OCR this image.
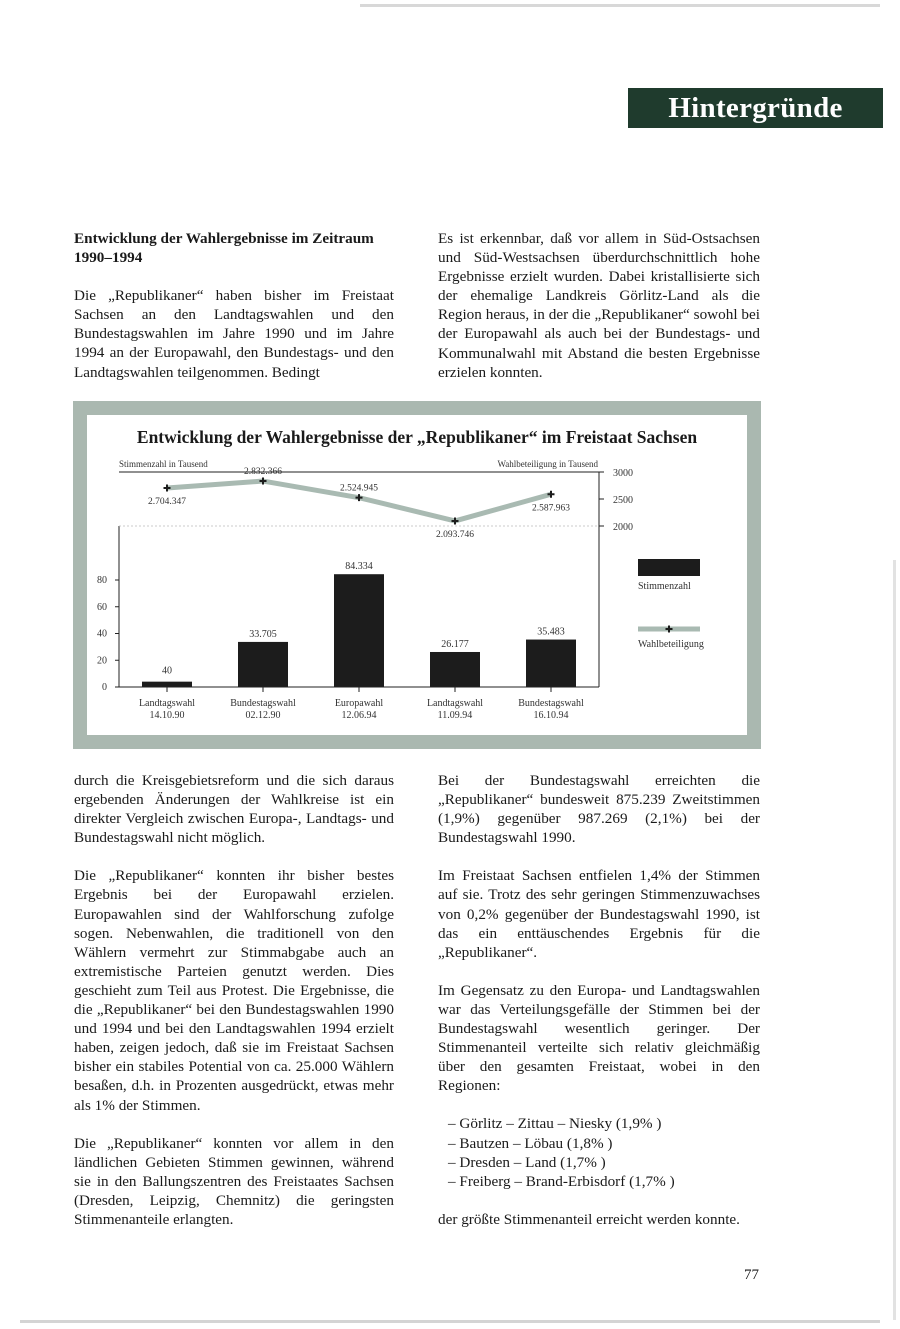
Hintergründe
Entwicklung der Wahlergebnisse im Zeitraum 1990–1994

Die „Republikaner“ haben bisher im Freistaat Sachsen an den Landtagswahlen und den Bundestagswahlen im Jahre 1990 und im Jahre 1994 an der Europawahl, den Bundestags- und den Landtagswahlen teilgenommen. Bedingt

Es ist erkennbar, daß vor allem in Süd-Ostsachsen und Süd-Westsachsen überdurchschnittlich hohe Ergebnisse erzielt wurden. Dabei kristallisierte sich der ehemalige Landkreis Görlitz-Land als die Region heraus, in der die „Republikaner“ sowohl bei der Europawahl als auch bei der Bundestags- und Kommunalwahl mit Abstand die besten Ergebnisse erzielen konnten.

Entwicklung der Wahlergebnisse der „Republikaner“ im Freistaat Sachsen
Stimmenzahl in Tausend	Wahlbeteiligung in Tausend
0
20
40
60
80
2000
2500
3000
40
33.705
84.334
26.177
35.483
2.704.347
2.832.366
2.524.945
2.093.746
2.587.963
Landtagswahl
14.10.90
Bundestagswahl
02.12.90
Europawahl
12.06.94
Landtagswahl
11.09.94
Bundestagswahl
16.10.94
Stimmenzahl
Wahlbeteiligung

durch die Kreisgebietsreform und die sich daraus ergebenden Änderungen der Wahlkreise ist ein direkter Vergleich zwischen Europa-, Landtags- und Bundestagswahl nicht möglich.

Die „Republikaner“ konnten ihr bisher bestes Ergebnis bei der Europawahl erzielen. Europawahlen sind der Wahlforschung zufolge sogen. Nebenwahlen, die traditionell von den Wählern vermehrt zur Stimmabgabe auch an extremistische Parteien genutzt werden. Dies geschieht zum Teil aus Protest. Die Ergebnisse, die die „Republikaner“ bei den Bundestagswahlen 1990 und 1994 und bei den Landtagswahlen 1994 erzielt haben, zeigen jedoch, daß sie im Freistaat Sachsen bisher ein stabiles Potential von ca. 25.000 Wählern besaßen, d.h. in Prozenten ausgedrückt, etwas mehr als 1% der Stimmen.

Die „Republikaner“ konnten vor allem in den ländlichen Gebieten Stimmen gewinnen, während sie in den Ballungszentren des Freistaates Sachsen (Dresden, Leipzig, Chemnitz) die geringsten Stimmenanteile erlangten.

Bei der Bundestagswahl erreichten die „Republikaner“ bundesweit 875.239 Zweitstimmen (1,9%) gegenüber 987.269 (2,1%) bei der Bundestagswahl 1990.

Im Freistaat Sachsen entfielen 1,4% der Stimmen auf sie. Trotz des sehr geringen Stimmenzuwachses von 0,2% gegenüber der Bundestagswahl 1990, ist das ein enttäuschendes Ergebnis für die „Republikaner“.

Im Gegensatz zu den Europa- und Landtagswahlen war das Verteilungsgefälle der Stimmen bei der Bundestagswahl wesentlich geringer. Der Stimmenanteil verteilte sich relativ gleichmäßig über den gesamten Freistaat, wobei in den Regionen:

– Görlitz – Zittau – Niesky (1,9% )
– Bautzen – Löbau (1,8% )
– Dresden – Land (1,7% )
– Freiberg – Brand-Erbisdorf (1,7% )

der größte Stimmenanteil erreicht werden konnte.

77
